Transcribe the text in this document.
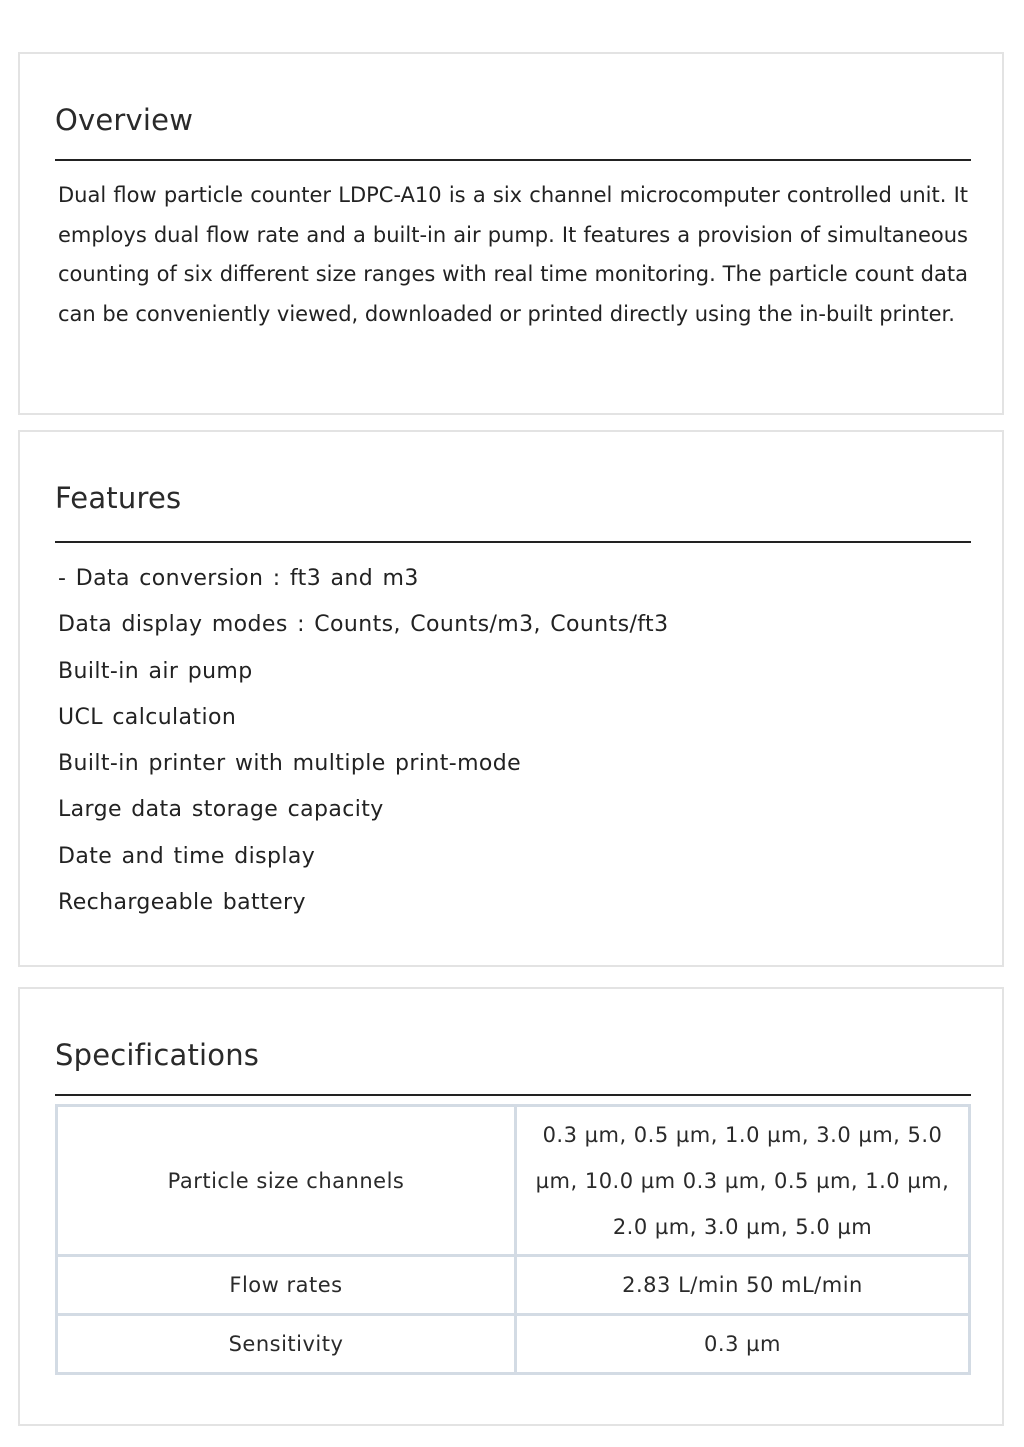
Overview

Dual flow particle counter LDPC-A10 is a six channel microcomputer controlled unit. It employs dual flow rate and a built-in air pump. It features a provision of simultaneous counting of six different size ranges with real time monitoring. The particle count data can be conveniently viewed, downloaded or printed directly using the in-built printer.

Features
- Data conversion : ft3 and m3
Data display modes : Counts, Counts/m3, Counts/ft3
Built-in air pump
UCL calculation
Built-in printer with multiple print-mode
Large data storage capacity
Date and time display
Rechargeable battery
Specifications
Particle size channels	0.3 µm, 0.5 µm, 1.0 µm, 3.0 µm, 5.0 µm, 10.0 µm 0.3 µm, 0.5 µm, 1.0 µm, 2.0 µm, 3.0 µm, 5.0 µm
Flow rates	2.83 L/min 50 mL/min
Sensitivity	0.3 µm
